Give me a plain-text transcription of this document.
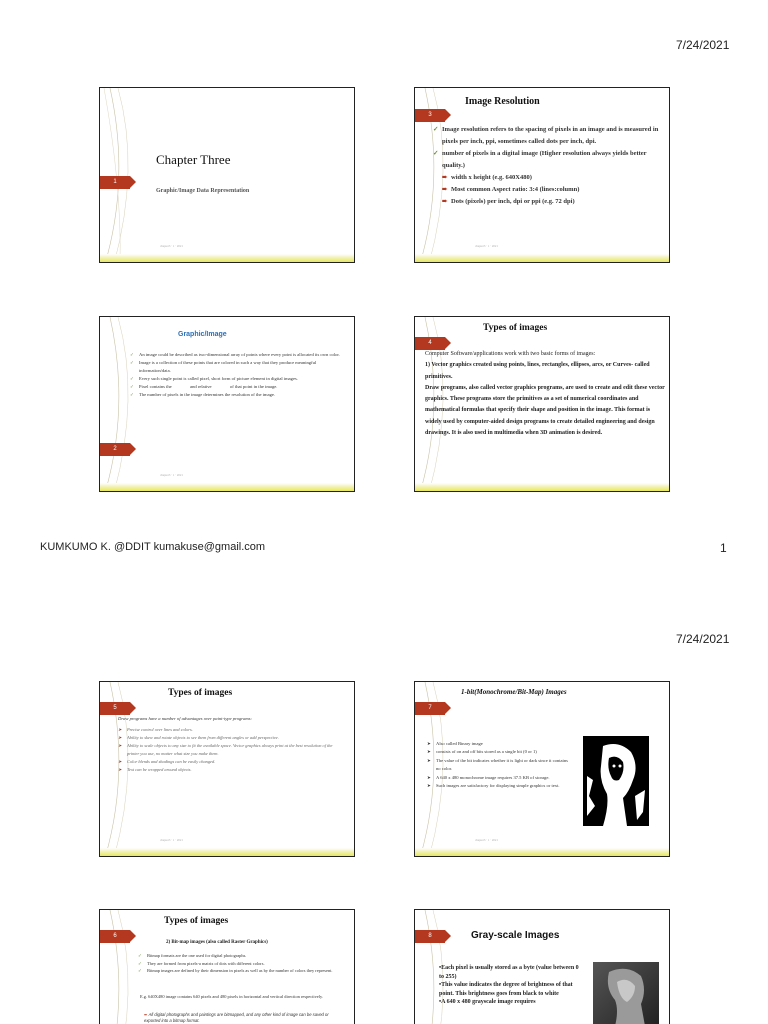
7/24/2021
1
Chapter Three
Graphic/Image Data Representation
chapter3 · 1 · 2021
3
Image Resolution
✓ Image resolution refers to the spacing of pixels in an image and is measured in pixels per inch, ppi, sometimes called dots per inch, dpi.
✓ number of pixels in a digital image (Higher resolution always yields better quality.)
➨ width x height (e.g. 640X480)
➨ Most common Aspect ratio: 3:4 (lines:column)
➨ Dots (pixels) per inch, dpi or ppi (e.g. 72 dpi)
chapter3 · 1 · 2021
2
Graphic/Image
✓ An image could be described as two-dimensional array of points where every point is allocated its own color.
✓ Image is a collection of these points that are colored in such a way that they produce meaningful information/data.
✓ Every such single point is called pixel, short form of picture element in digital images.
✓ Pixel contains the                and relative                of that point in the image.
✓ The number of pixels in the image determines the resolution of the image.
chapter3 · 1 · 2021
4
Types of images
Computer Software/applications work with two basic forms of images:
1) Vector graphics created using points, lines, rectangles, ellipses, arcs, or Curves- called primitives.
Draw programs, also called vector graphics programs, are used to create and edit these vector graphics. These programs store the primitives as a set of numerical coordinates and mathematical formulas that specify their shape and position in the image. This format is widely used by computer-aided design programs to create detailed engineering and design drawings. It is also used in multimedia when 3D animation is desired.
KUMKUMO K. @DDIT kumakuse@gmail.com	1
7/24/2021
5
Types of images
Draw programs have a number of advantages over paint-type programs:
➤ Precise control over lines and colors.
➤ Ability to skew and rotate objects to see them from different angles or add perspective.
➤ Ability to scale objects to any size to fit the available space. Vector graphics always print at the best resolution of the printer you use, no matter what size you make them.
➤ Color blends and shadings can be easily changed.
➤ Text can be wrapped around objects.
chapter3 · 1 · 2021
7
1-bit(Monochrome/Bit-Map) Images
➤ Also called Binary image
➤ consists of on and off bits stored as a single bit (0 or 1)
➤ The value of the bit indicates whether it is light or dark since it contains no color.
➤ A 640 x 480 monochrome image requires 37.5 KB of storage.
➤ Such images are satisfactory for displaying simple graphics or text.
chapter3 · 1 · 2021
6
Types of images
2) Bit-map images (also called Raster Graphics)
✓ Bitmap formats are the one used for digital photographs.
✓ They are formed from pixels-a matrix of dots with different colors.
✓ Bitmap images are defined by their dimension in pixels as well as by the number of colors they represent.
E.g. 640X480 image contains 640 pixels and 480 pixels in horizontal and vertical direction respectively.
➨ All digital photographs and paintings are bitmapped, and any other kind of image can be saved or exported into a bitmap format.
8	Gray-scale Images
•Each pixel is usually stored as a byte (value between 0 to 255)
•This value indicates the degree of brightness of that point. This brightness goes from black to white
•A 640 x 480 grayscale image requires
